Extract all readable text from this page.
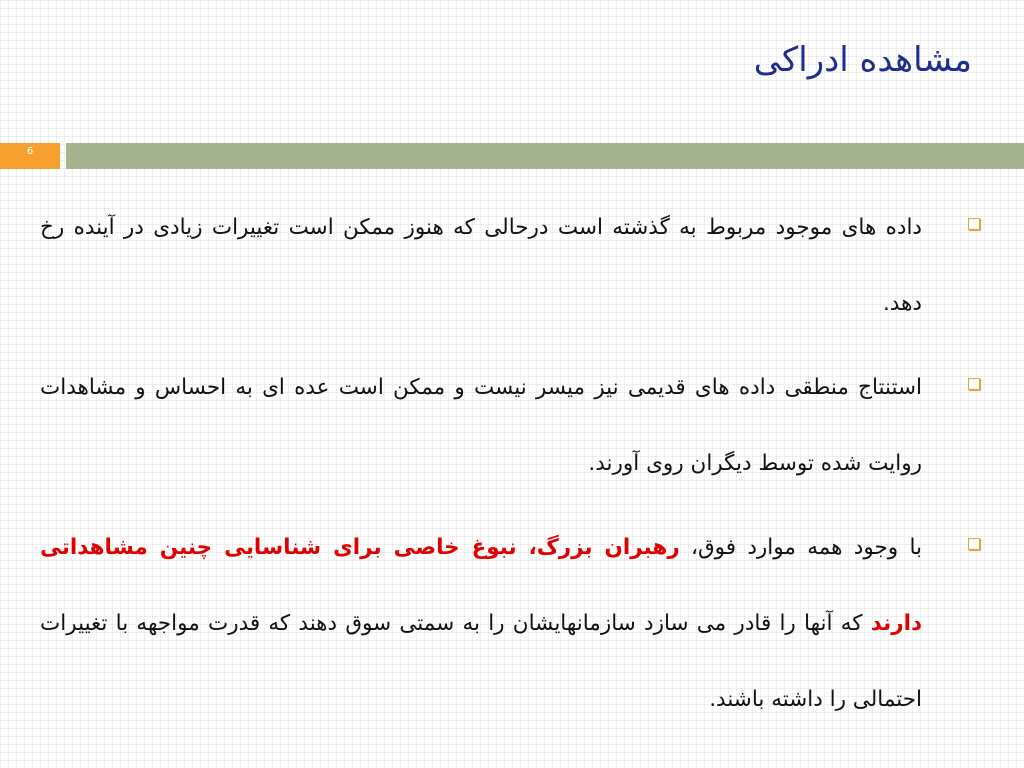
مشاهده ادراکی
6
داده های موجود مربوط به گذشته است درحالی که هنوز ممکن است تغییرات زیادی در آینده رخ دهد.
استنتاج منطقی داده های قدیمی نیز میسر نیست و ممکن است عده ای به احساس و مشاهدات روایت شده توسط دیگران روی آورند.
با وجود همه موارد فوق، رهبران بزرگ، نبوغ خاصی برای شناسایی چنین مشاهداتی دارند که آنها را قادر می سازد سازمانهایشان را به سمتی سوق دهند که قدرت مواجهه با تغییرات احتمالی را داشته باشند.
